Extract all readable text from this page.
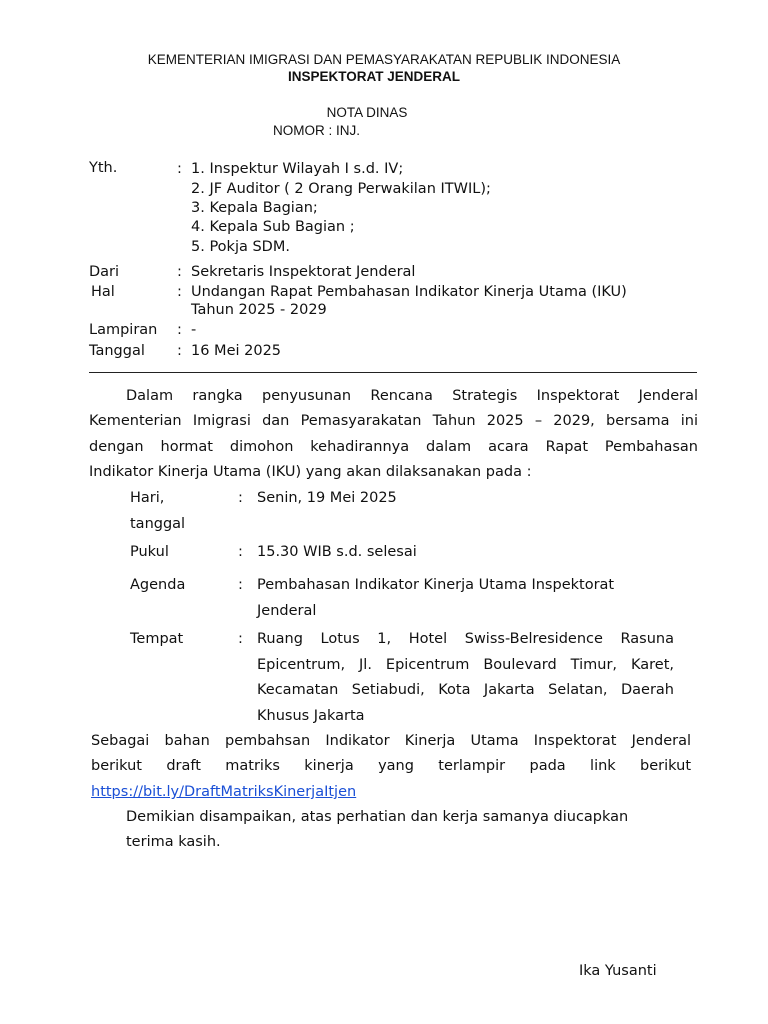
KEMENTERIAN IMIGRASI DAN PEMASYARAKATAN REPUBLIK INDONESIA
INSPEKTORAT JENDERAL
NOTA DINAS
NOMOR : INJ.
Yth.	: 1. Inspektur Wilayah I s.d. IV;
2. JF Auditor ( 2 Orang Perwakilan ITWIL);
3. Kepala Bagian;
4. Kepala Sub Bagian ;
5. Pokja SDM.
Dari	: Sekretaris Inspektorat Jenderal
Hal	: Undangan Rapat Pembahasan Indikator Kinerja Utama (IKU)
Tahun 2025 - 2029
Lampiran : -
Tanggal : 16 Mei 2025
Dalam rangka penyusunan Rencana Strategis Inspektorat Jenderal
Kementerian Imigrasi dan Pemasyarakatan Tahun 2025 – 2029, bersama ini
dengan hormat dimohon kehadirannya dalam acara Rapat Pembahasan
Indikator Kinerja Utama (IKU) yang akan dilaksanakan pada :
Hari,
tanggal
: Senin, 19 Mei 2025
Pukul	: 15.30 WIB s.d. selesai
Agenda	: Pembahasan Indikator Kinerja Utama Inspektorat
Jenderal
Tempat	: Ruang Lotus 1, Hotel Swiss-Belresidence Rasuna
Epicentrum, Jl. Epicentrum Boulevard Timur, Karet,
Kecamatan Setiabudi, Kota Jakarta Selatan, Daerah
Khusus Jakarta
Sebagai bahan pembahsan Indikator Kinerja Utama Inspektorat Jenderal
berikut draft matriks kinerja yang terlampir pada link berikut
https://bit.ly/DraftMatriksKinerjaItjen
Demikian disampaikan, atas perhatian dan kerja samanya diucapkan
terima kasih.
Ika Yusanti
